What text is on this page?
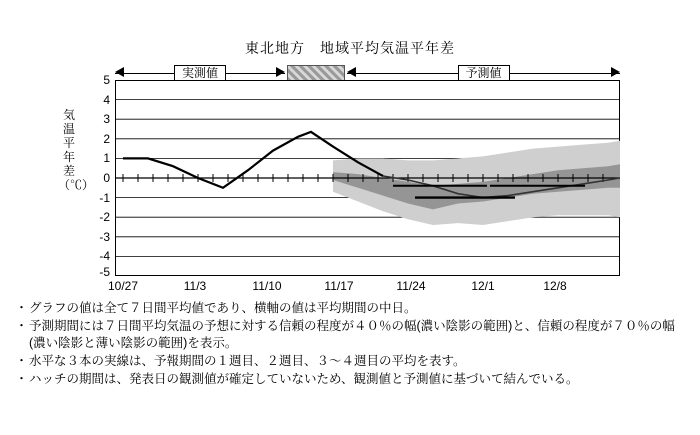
東北地方　地域平均気温平年差
実測値	予測値
気温平年差（℃）
5
4
3
2
1
0
-1
-2
-3
-4
-5
10/27	11/3	11/10	11/17	11/24	12/1	12/8
・ グラフの値は全て７日間平均値であり、横軸の値は平均期間の中日。
・ 予測期間には７日間平均気温の予想に対する信頼の程度が４０％の幅(濃い陰影の範囲)と、信頼の程度が７０％の幅(濃い陰影と薄い陰影の範囲)を表示。
・ 水平な３本の実線は、予報期間の１週目、２週目、３〜４週目の平均を表す。
・ ハッチの期間は、発表日の観測値が確定していないため、観測値と予測値に基づいて結んでいる。
